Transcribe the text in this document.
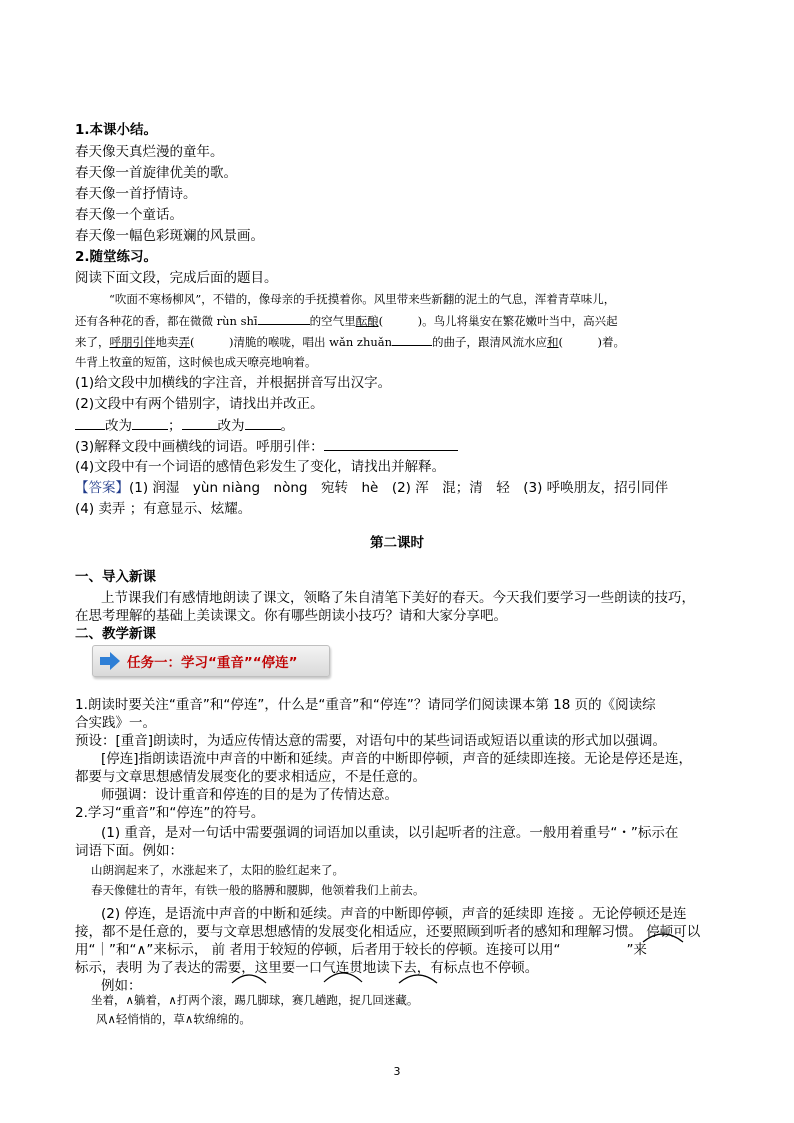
1.本课小结。
春天像天真烂漫的童年。
春天像一首旋律优美的歌。
春天像一首抒情诗。
春天像一个童话。
春天像一幅色彩斑斓的风景画。
2.随堂练习。
阅读下面文段，完成后面的题目。
“吹面不寒杨柳风”，不错的，像母亲的手抚摸着你。风里带来些新翻的泥土的气息，浑着青草味儿，
还有各种花的香，都在微微 rùn shī	的空气里酝酿(　　　)。鸟儿将巢安在繁花嫩叶当中，高兴起
来了，呼朋引伴地卖弄(　　　)清脆的喉咙，唱出 wǎn zhuǎn	的曲子，跟清风流水应和(　　　)着。
牛背上牧童的短笛，这时候也成天嘹亮地响着。
(1)给文段中加横线的字注音，并根据拼音写出汉字。
(2)文段中有两个错别字，请找出并改正。
改为	；	改为	。
(3)解释文段中画横线的词语。呼朋引伴：
(4)文段中有一个词语的感情色彩发生了变化，请找出并解释。
【答案】(1) 润湿　yùn niàng　nòng　宛转　hè　(2) 浑　混；清　轻　(3) 呼唤朋友，招引同伴
(4) 卖弄 ；有意显示、炫耀。
第二课时
一、导入新课
上节课我们有感情地朗读了课文，领略了朱自清笔下美好的春天。今天我们要学习一些朗读的技巧，
在思考理解的基础上美读课文。你有哪些朗读小技巧？请和大家分享吧。
二、教学新课
任务一：学习“重音”“停连”
1.朗读时要关注“重音”和“停连”，什么是“重音”和“停连”？请同学们阅读课本第 18 页的《阅读综
合实践》一。
预设：[重音]朗读时，为适应传情达意的需要，对语句中的某些词语或短语以重读的形式加以强调。
[停连]指朗读语流中声音的中断和延续。声音的中断即停顿，声音的延续即连接。无论是停还是连，
都要与文章思想感情发展变化的要求相适应，不是任意的。
师强调：设计重音和停连的目的是为了传情达意。
2.学习“重音”和“停连”的符号。
(1) 重音，是对一句话中需要强调的词语加以重读，以引起听者的注意。一般用着重号“・”标示在
词语下面。例如：
山朗润起来了，水涨起来了，太阳的脸红起来了。
春天像健壮的青年，有铁一般的胳膊和腰脚，他领着我们上前去。
(2) 停连，是语流中声音的中断和延续。声音的中断即停顿，声音的延续即 连接 。无论停顿还是连
接，都不是任意的，要与文章思想感情的发展变化相适应，还要照顾到听者的感知和理解习惯。 停顿可以
用“｜”和“∧”来标示， 前 者用于较短的停顿，后者用于较长的停顿。连接可以用“	”来
标示，表明 为了表达的需要，这里要一口气连贯地读下去，有标点也不停顿。
例如：
坐着，∧躺着，∧打两个滚，踢几脚球，赛几趟跑，捉几回迷藏。
风∧轻悄悄的，草∧软绵绵的。
3
